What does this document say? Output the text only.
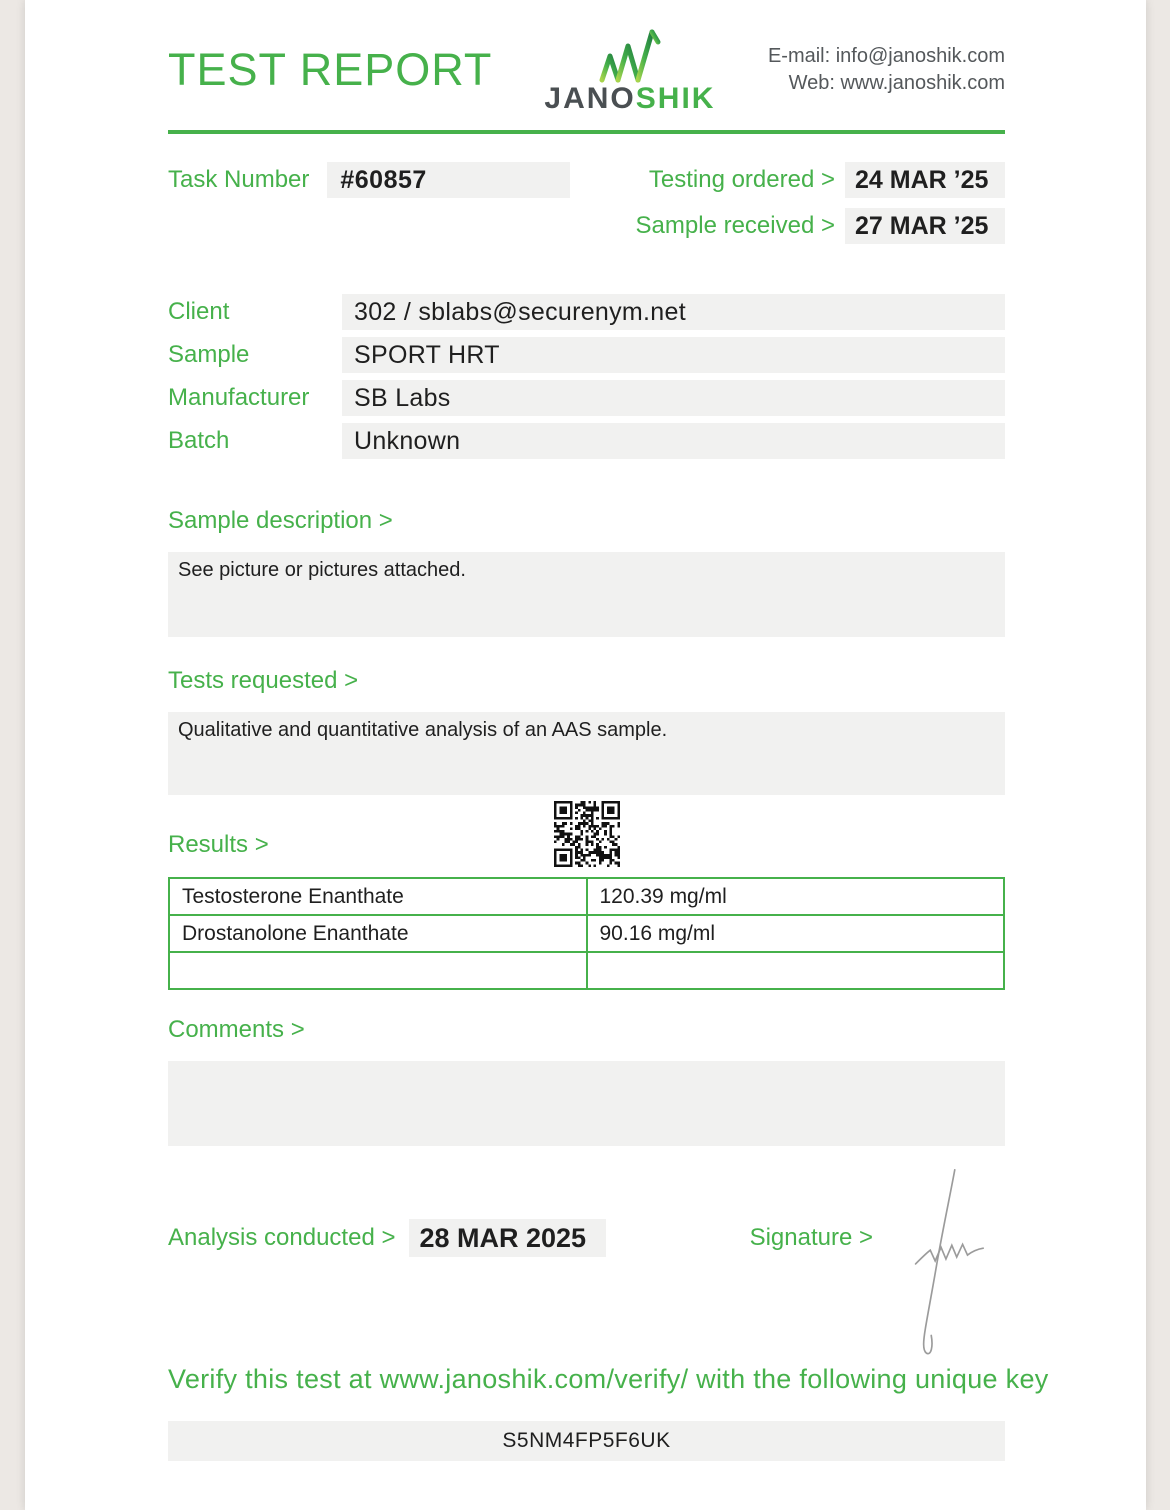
TEST REPORT
JANOSHIK
E-mail: info@janoshik.com
Web: www.janoshik.com
Task Number	#60857	Testing ordered > 24 MAR ’25
Sample received > 27 MAR ’25
Client	302 / sblabs@securenym.net
Sample	SPORT HRT
Manufacturer	SB Labs
Batch	Unknown
Sample description >
See picture or pictures attached.
Tests requested >
Qualitative and quantitative analysis of an AAS sample.
Results >
Testosterone Enanthate	120.39 mg/ml
Drostanolone Enanthate	90.16 mg/ml

Comments >
Analysis conducted > 28 MAR 2025	Signature >
Verify this test at www.janoshik.com/verify/ with the following unique key
S5NM4FP5F6UK
